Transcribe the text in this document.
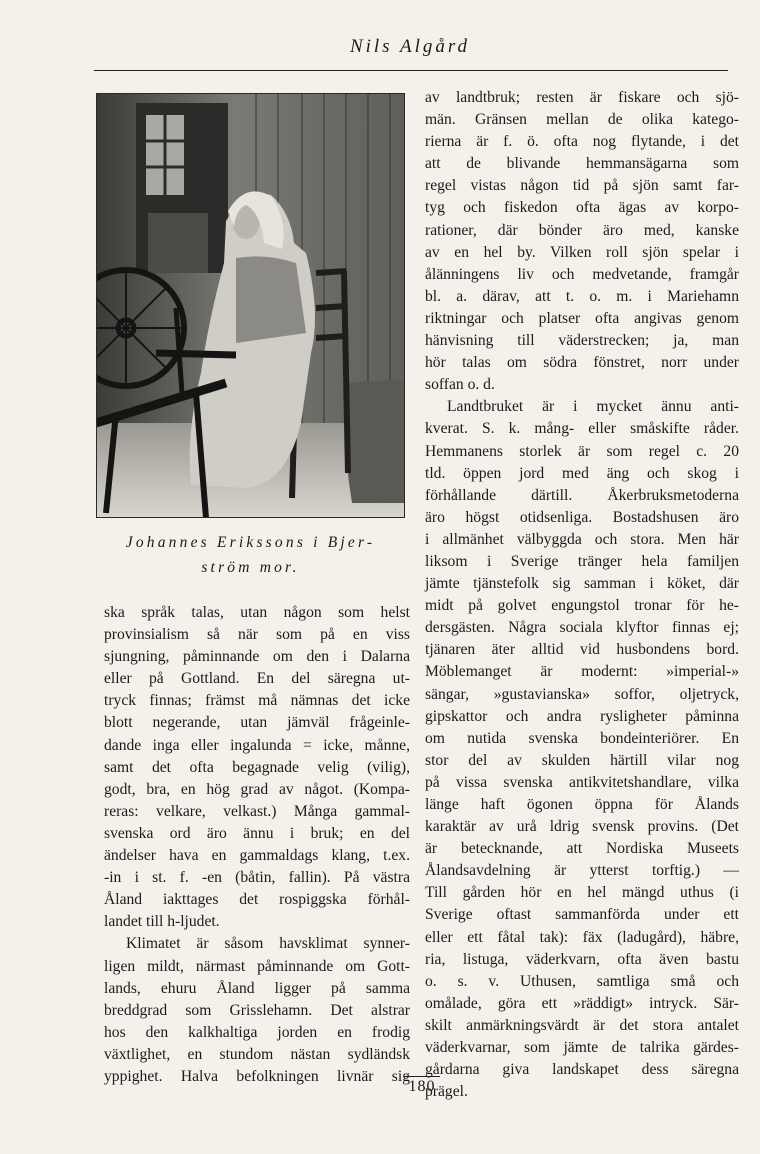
Nils Algård
Johannes Erikssons i Bjer-
ström mor.

ska språk talas, utan någon som helst
provinsialism så när som på en viss
sjungning, påminnande om den i Dalarna
eller på Gottland. En del säregna ut-
tryck finnas; främst må nämnas det icke
blott negerande, utan jämväl frågeinle-
dande inga eller ingalunda = icke, månne,
samt det ofta begagnade velig (vilig),
godt, bra, en hög grad av något. (Kompa-
reras: velkare, velkast.) Många gammal-
svenska ord äro ännu i bruk; en del
ändelser hava en gammaldags klang, t.ex.
-in i st. f. -en (båtin, fallin). På västra
Åland iakttages det rospiggska förhål-
landet till h-ljudet.

Klimatet är såsom havsklimat synner-
ligen mildt, närmast påminnande om Gott-
lands, ehuru Åland ligger på samma
breddgrad som Grisslehamn. Det alstrar
hos den kalkhaltiga jorden en frodig
växtlighet, en stundom nästan sydländsk
yppighet. Halva befolkningen livnär sig

av landtbruk; resten är fiskare och sjö-
män. Gränsen mellan de olika katego-
rierna är f. ö. ofta nog flytande, i det
att de blivande hemmansägarna som
regel vistas någon tid på sjön samt far-
tyg och fiskedon ofta ägas av korpo-
rationer, där bönder äro med, kanske
av en hel by. Vilken roll sjön spelar i
ålänningens liv och medvetande, framgår
bl. a. därav, att t. o. m. i Mariehamn
riktningar och platser ofta angivas genom
hänvisning till väderstrecken; ja, man
hör talas om södra fönstret, norr under
soffan o. d.

Landtbruket är i mycket ännu anti-
kverat. S. k. mång- eller småskifte råder.
Hemmanens storlek är som regel c. 20
tld. öppen jord med äng och skog i
förhållande därtill. Åkerbruksmetoderna
äro högst otidsenliga. Bostadshusen äro
i allmänhet välbyggda och stora. Men här
liksom i Sverige tränger hela familjen
jämte tjänstefolk sig samman i köket, där
midt på golvet engungstol tronar för he-
dersgästen. Några sociala klyftor finnas ej;
tjänaren äter alltid vid husbondens bord.
Möblemanget är modernt: »imperial-»
sängar, »gustavianska» soffor, oljetryck,
gipskattor och andra rysligheter påminna
om nutida svenska bondeinteriörer. En
stor del av skulden härtill vilar nog
på vissa svenska antikvitetshandlare, vilka
länge haft ögonen öppna för Ålands
karaktär av urå ldrig svensk provins. (Det
är betecknande, att Nordiska Museets
Ålandsavdelning är ytterst torftig.) —
Till gården hör en hel mängd uthus (i
Sverige oftast sammanförda under ett
eller ett fåtal tak): fäx (ladugård), häbre,
ria, listuga, väderkvarn, ofta även bastu
o. s. v. Uthusen, samtliga små och
omålade, göra ett »räddigt» intryck. Sär-
skilt anmärkningsvärdt är det stora antalet
väderkvarnar, som jämte de talrika gärdes-
gårdarna giva landskapet dess säregna
prägel.

180
